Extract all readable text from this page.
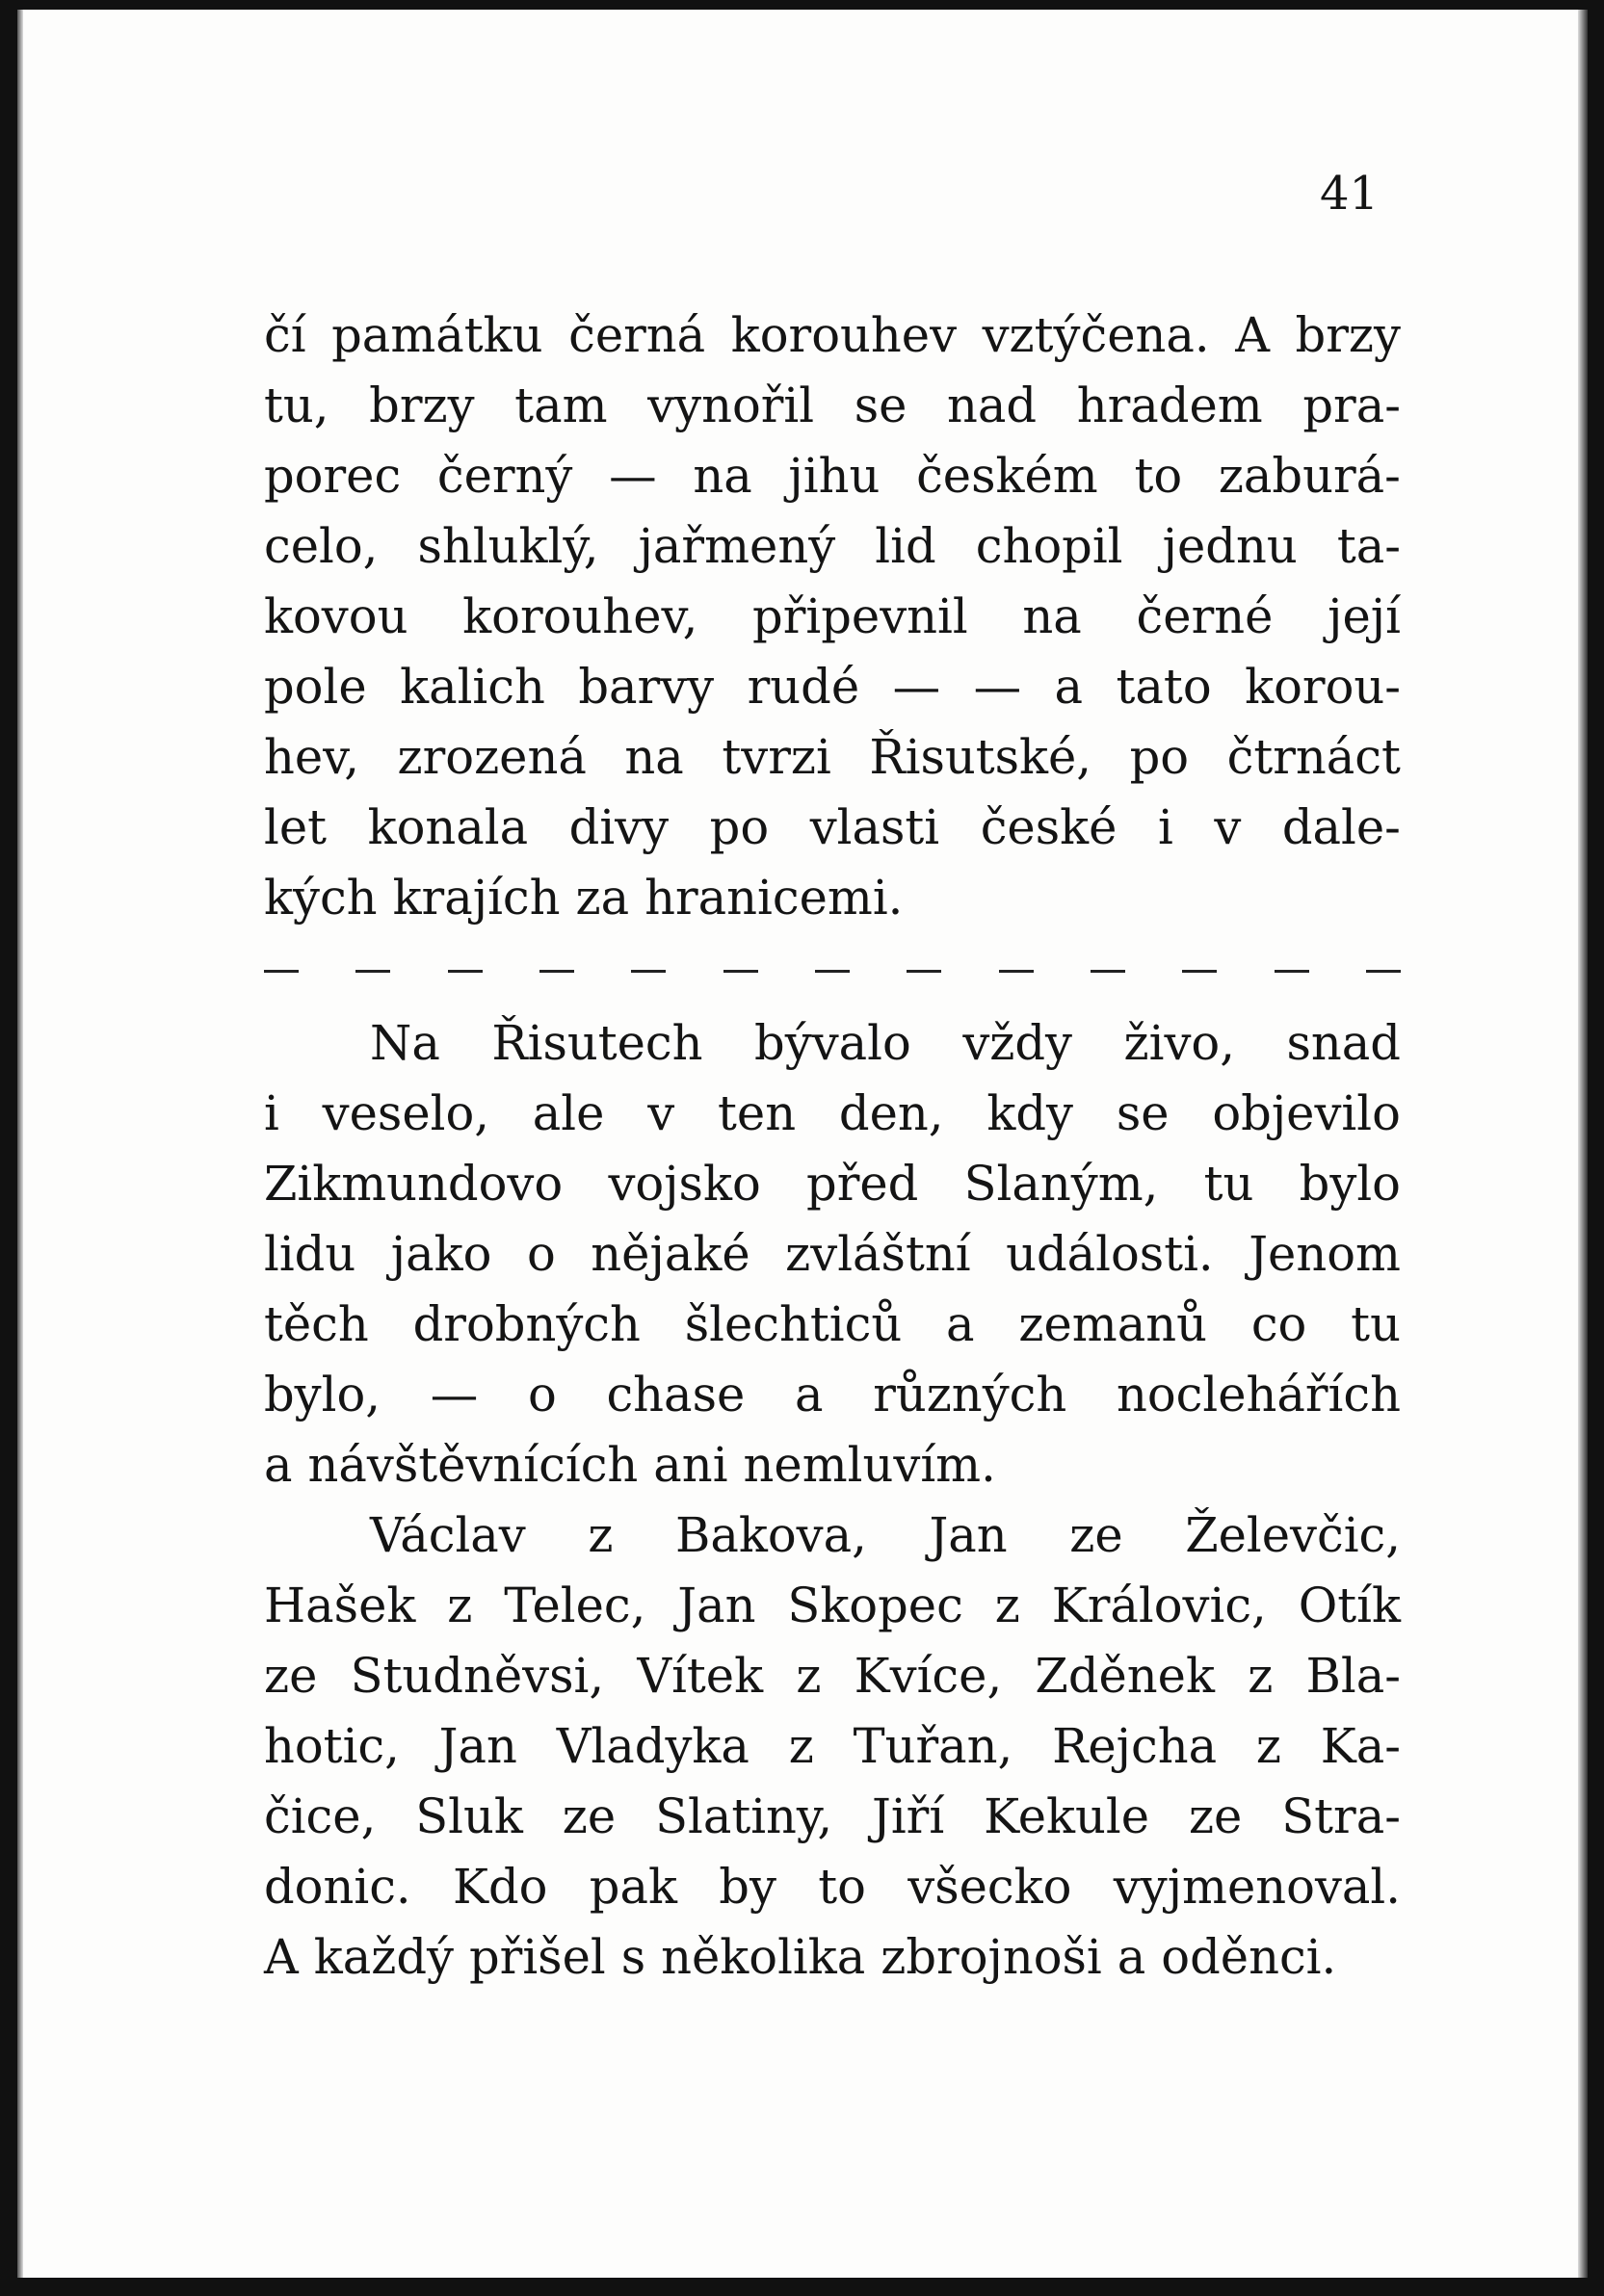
41

čí památku černá korouhev vztýčena. A brzy
tu, brzy tam vynořil se nad hradem pra-
porec černý — na jihu českém to zaburá-
celo, shluklý, jařmený lid chopil jednu ta-
kovou korouhev, připevnil na černé její
pole kalich barvy rudé — — a tato korou-
hev, zrozená na tvrzi Řisutské, po čtrnáct
let konala divy po vlasti české i v dale-
kých krajích za hranicemi.
Na Řisutech bývalo vždy živo, snad
i veselo, ale v ten den, kdy se objevilo
Zikmundovo vojsko před Slaným, tu bylo
lidu jako o nějaké zvláštní události. Jenom
těch drobných šlechticů a zemanů co tu
bylo, — o chase a různých noclehářích
a návštěvnících ani nemluvím.
Václav z Bakova, Jan ze Želevčic,
Hašek z Telec, Jan Skopec z Královic, Otík
ze Studněvsi, Vítek z Kvíce, Zděnek z Bla-
hotic, Jan Vladyka z Tuřan, Rejcha z Ka-
čice, Sluk ze Slatiny, Jiří Kekule ze Stra-
donic. Kdo pak by to všecko vyjmenoval.
A každý přišel s několika zbrojnoši a oděnci.
